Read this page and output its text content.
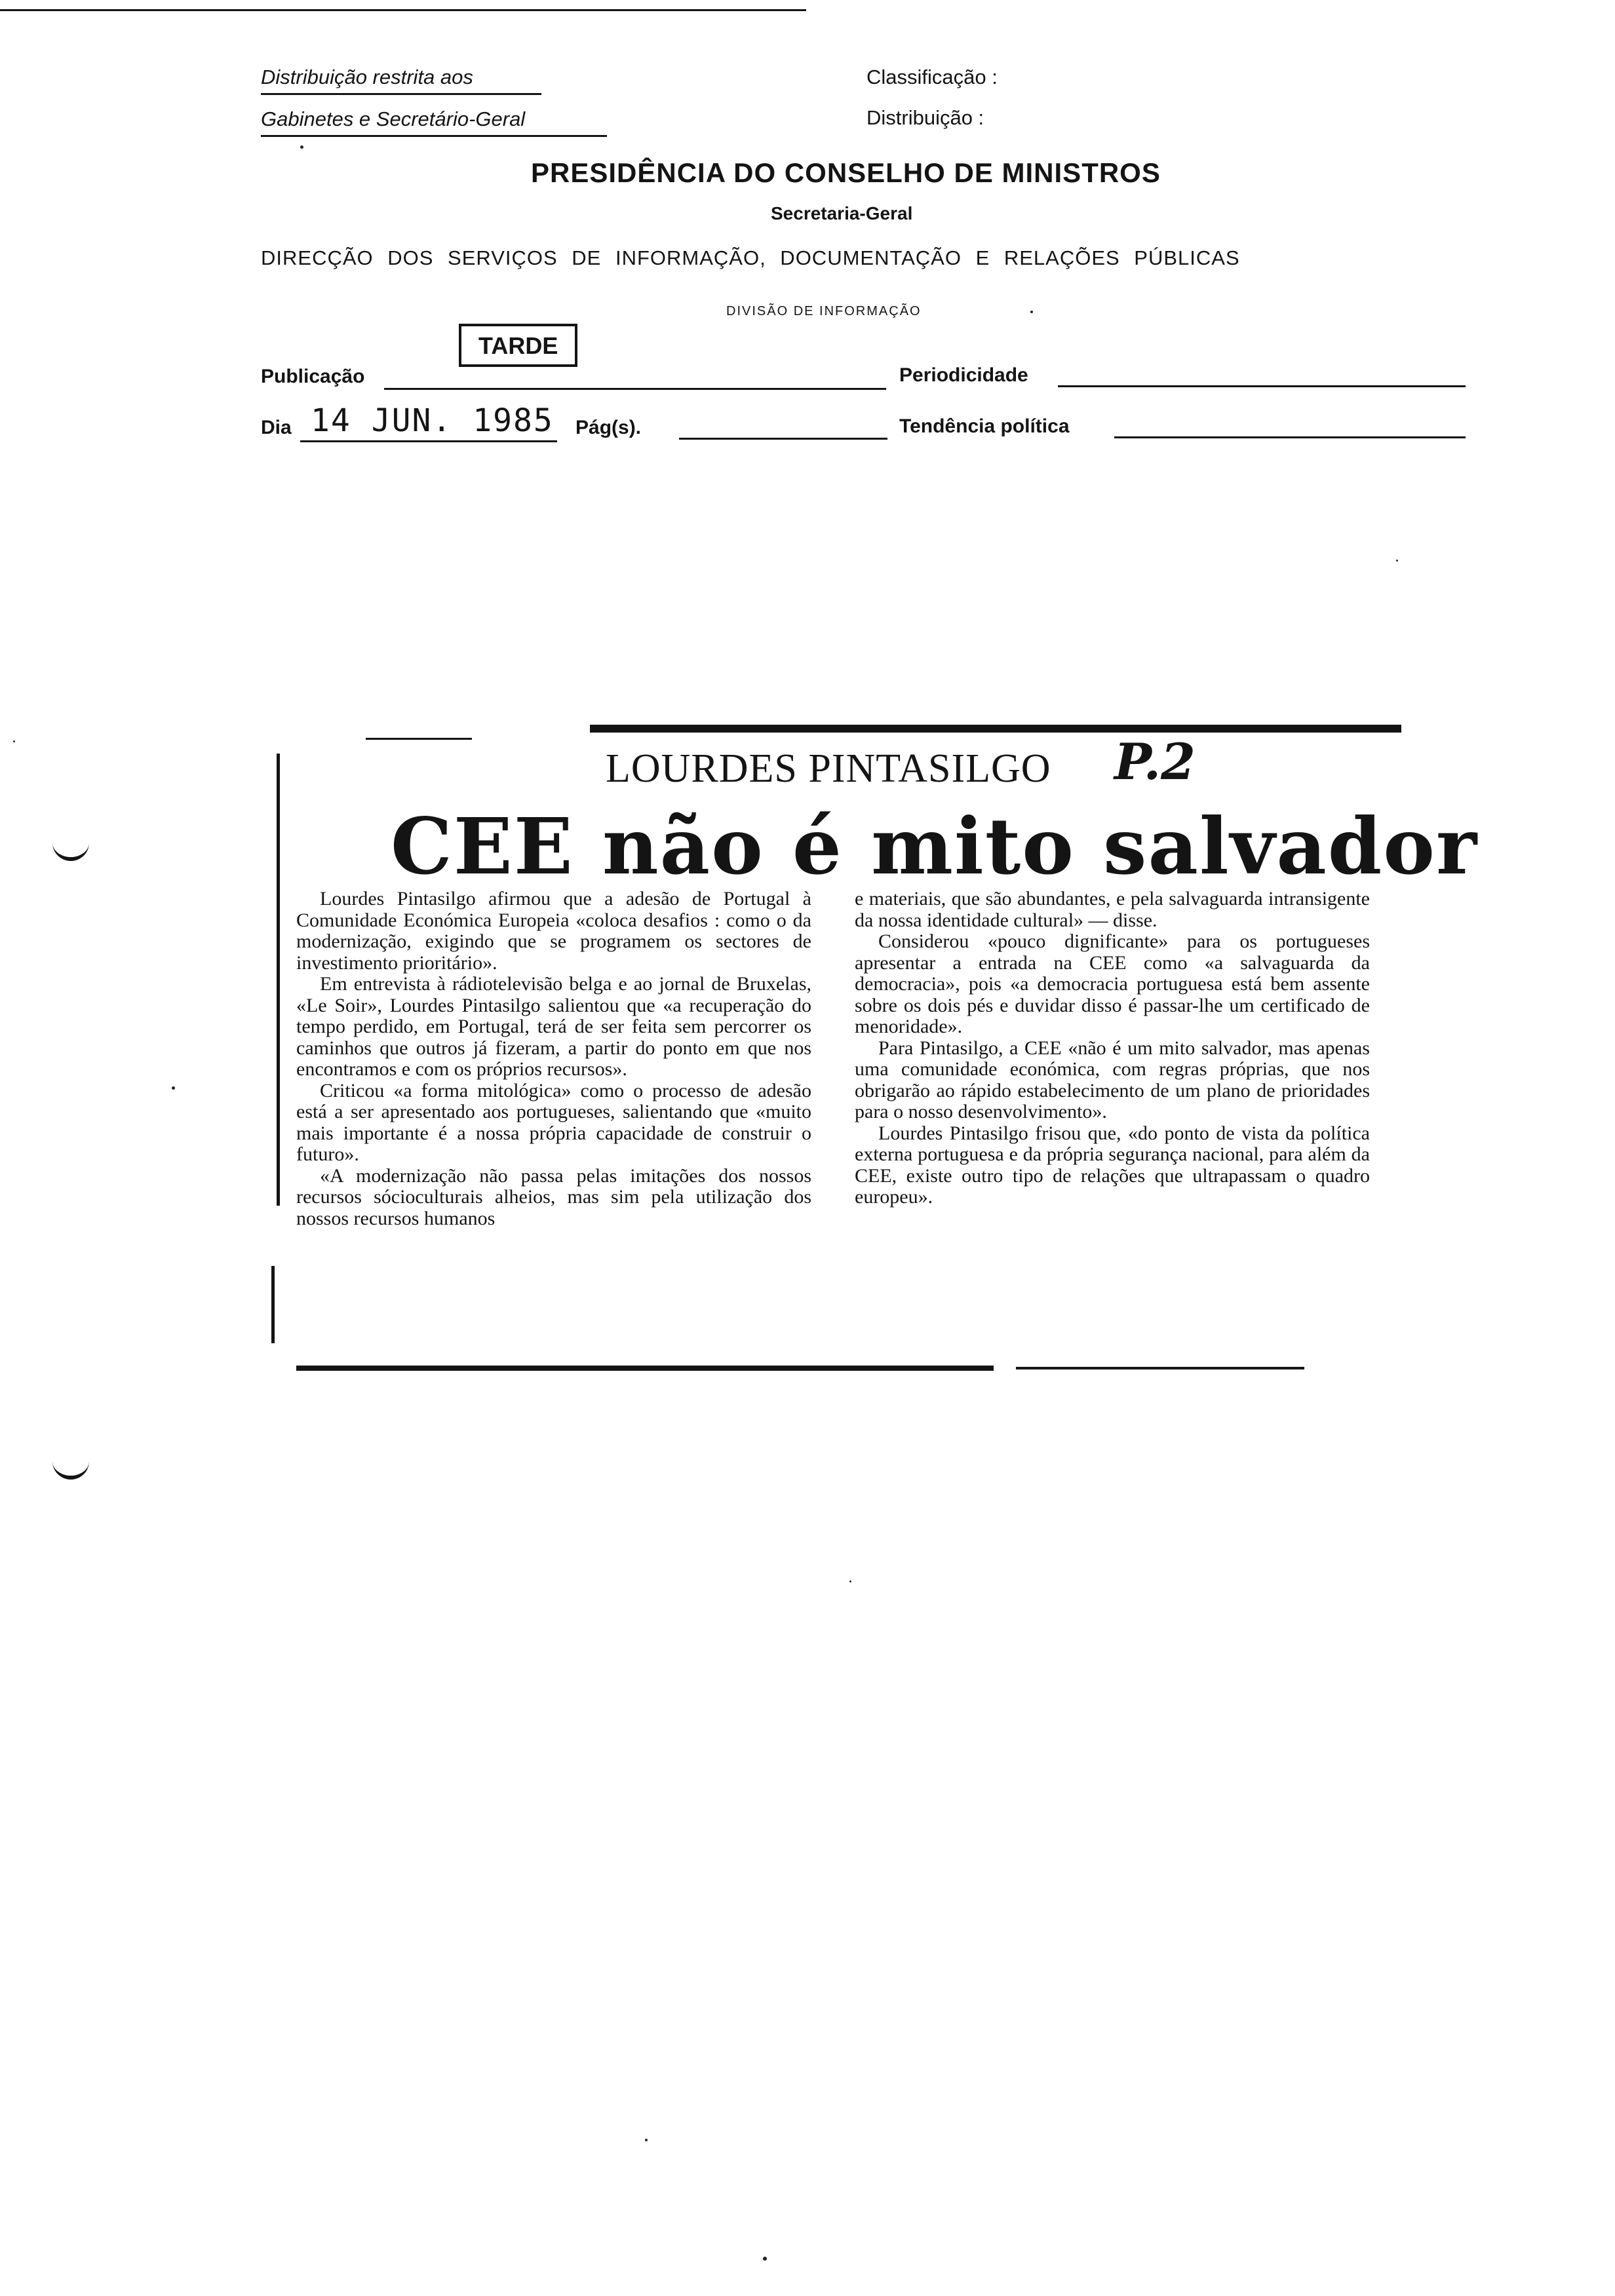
Distribuição restrita aos
Gabinetes e Secretário-Geral
Classificação :
Distribuição :
PRESIDÊNCIA DO CONSELHO DE MINISTROS
Secretaria-Geral
DIRECÇÃO DOS SERVIÇOS DE INFORMAÇÃO, DOCUMENTAÇÃO E RELAÇÕES PÚBLICAS
DIVISÃO DE INFORMAÇÃO
TARDE
Publicação	Periodicidade
Dia 14 JUN. 1985 Pág(s).	Tendência política
LOURDES PINTASILGO P.2
CEE não é mito salvador

Lourdes Pintasilgo afirmou que a adesão de Portugal à Comunidade Económica Europeia «coloca desafios : como o da modernização, exigindo que se programem os sectores de investimento prioritário».

Em entrevista à rádiotelevisão belga e ao jornal de Bruxelas, «Le Soir», Lourdes Pintasilgo salientou que «a recuperação do tempo perdido, em Portugal, terá de ser feita sem percorrer os caminhos que outros já fizeram, a partir do ponto em que nos encontramos e com os próprios recursos».

Criticou «a forma mitológica» como o processo de adesão está a ser apresentado aos portugueses, salientando que «muito mais importante é a nossa própria capacidade de construir o futuro».

«A modernização não passa pelas imitações dos nossos recursos sócioculturais alheios, mas sim pela utilização dos nossos recursos humanos

e materiais, que são abundantes, e pela salvaguarda intransigente da nossa identidade cultural» — disse.

Considerou «pouco dignificante» para os portugueses apresentar a entrada na CEE como «a salvaguarda da democracia», pois «a democracia portuguesa está bem assente sobre os dois pés e duvidar disso é passar-lhe um certificado de menoridade».

Para Pintasilgo, a CEE «não é um mito salvador, mas apenas uma comunidade económica, com regras próprias, que nos obrigarão ao rápido estabelecimento de um plano de prioridades para o nosso desenvolvimento».

Lourdes Pintasilgo frisou que, «do ponto de vista da política externa portuguesa e da própria segurança nacional, para além da CEE, existe outro tipo de relações que ultrapassam o quadro europeu».
